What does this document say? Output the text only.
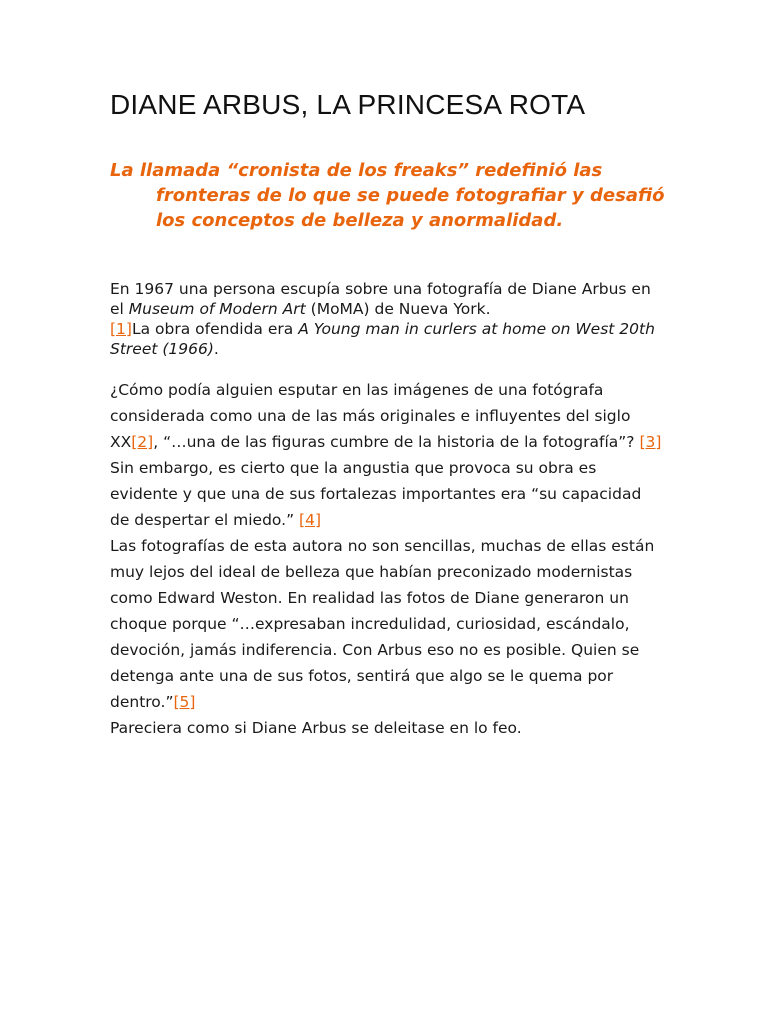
DIANE ARBUS, LA PRINCESA ROTA

La llamada “cronista de los freaks” redefinió las fronteras de lo que se puede fotografiar y desafió los conceptos de belleza y anormalidad.

En 1967 una persona escupía sobre una fotografía de Diane Arbus en el Museum of Modern Art (MoMA) de Nueva York.
[1]La obra ofendida era A Young man in curlers at home on West 20th Street (1966).

¿Cómo podía alguien esputar en las imágenes de una fotógrafa considerada como una de las más originales e influyentes del siglo XX[2], “…una de las figuras cumbre de la historia de la fotografía”? [3]
Sin embargo, es cierto que la angustia que provoca su obra es evidente y que una de sus fortalezas importantes era “su capacidad de despertar el miedo.” [4]
Las fotografías de esta autora no son sencillas, muchas de ellas están muy lejos del ideal de belleza que habían preconizado modernistas como Edward Weston. En realidad las fotos de Diane generaron un choque porque “…expresaban incredulidad, curiosidad, escándalo, devoción, jamás indiferencia. Con Arbus eso no es posible. Quien se detenga ante una de sus fotos, sentirá que algo se le quema por dentro.”[5]
Pareciera como si Diane Arbus se deleitase en lo feo.
